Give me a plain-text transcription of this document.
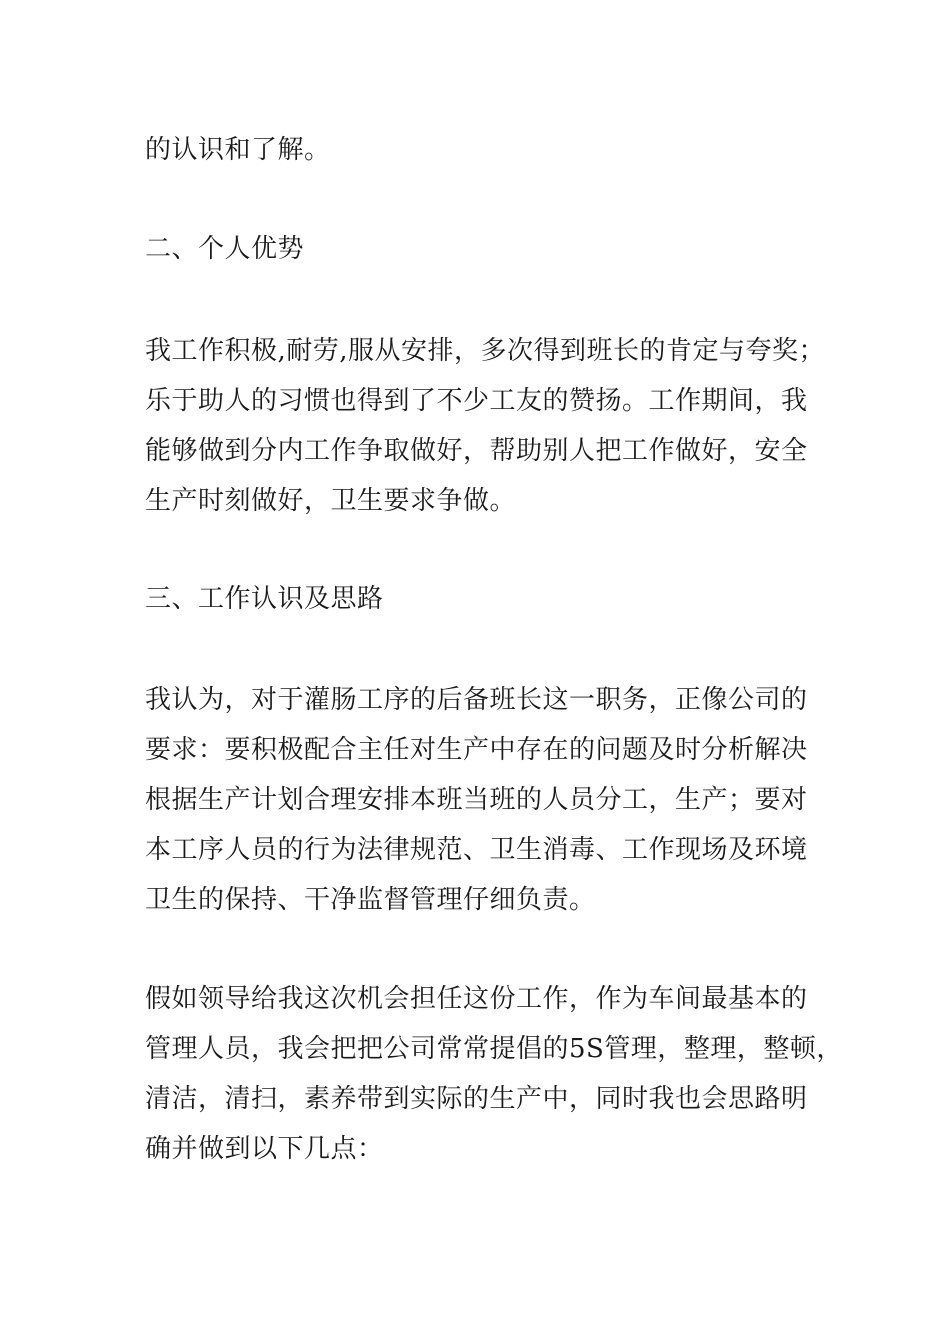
的认识和了解。
二、个人优势
我工作积极,耐劳,服从安排，多次得到班长的肯定与夸奖；
乐于助人的习惯也得到了不少工友的赞扬。工作期间，我
能够做到分内工作争取做好，帮助别人把工作做好，安全
生产时刻做好，卫生要求争做。
三、工作认识及思路
我认为，对于灌肠工序的后备班长这一职务，正像公司的
要求：要积极配合主任对生产中存在的问题及时分析解决
根据生产计划合理安排本班当班的人员分工，生产；要对
本工序人员的行为法律规范、卫生消毒、工作现场及环境
卫生的保持、干净监督管理仔细负责。
假如领导给我这次机会担任这份工作，作为车间最基本的
管理人员，我会把把公司常常提倡的5S管理，整理，整顿，
清洁，清扫，素养带到实际的生产中，同时我也会思路明
确并做到以下几点：
